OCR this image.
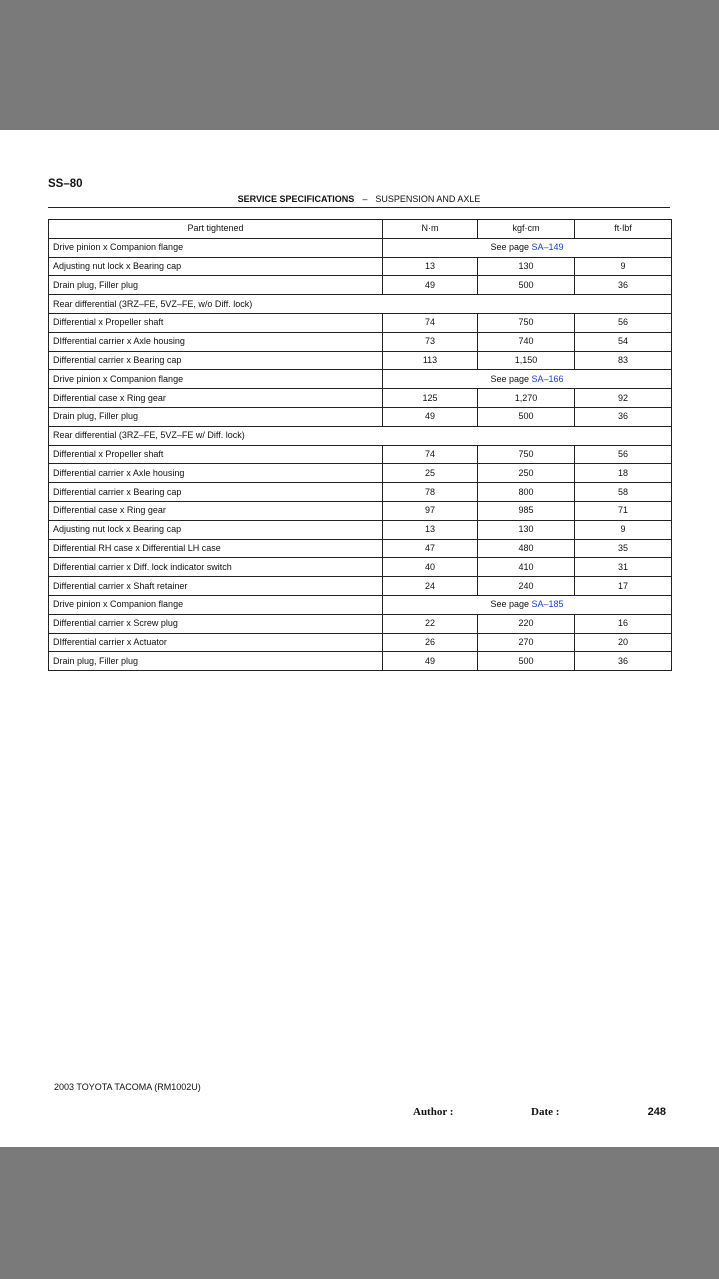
SS–80
SERVICE SPECIFICATIONS – SUSPENSION AND AXLE
Part tightened	N·m	kgf·cm	ft·lbf
Drive pinion x Companion flange	See page SA–149		
Adjusting nut lock x Bearing cap	13	130	9
Drain plug, Filler plug	49	500	36
Rear differential (3RZ–FE, 5VZ–FE, w/o Diff. lock)			
Differential x Propeller shaft	74	750	56
DIfferential carrier x Axle housing	73	740	54
Differential carrier x Bearing cap	113	1,150	83
Drive pinion x Companion flange	See page SA–166		
Differential case x Ring gear	125	1,270	92
Drain plug, Filler plug	49	500	36
Rear differential (3RZ–FE, 5VZ–FE w/ Diff. lock)			
Differential x Propeller shaft	74	750	56
Differential carrier x Axle housing	25	250	18
Differential carrier x Bearing cap	78	800	58
Differential case x Ring gear	97	985	71
Adjusting nut lock x Bearing cap	13	130	9
Differential RH case x Differential LH case	47	480	35
Differential carrier x Diff. lock indicator switch	40	410	31
Differential carrier x Shaft retainer	24	240	17
Drive pinion x Companion flange	See page SA–185		
Differential carrier x Screw plug	22	220	16
DIfferential carrier x Actuator	26	270	20
Drain plug, Filler plug	49	500	36
2003 TOYOTA TACOMA (RM1002U)
Author :	Date :	248
